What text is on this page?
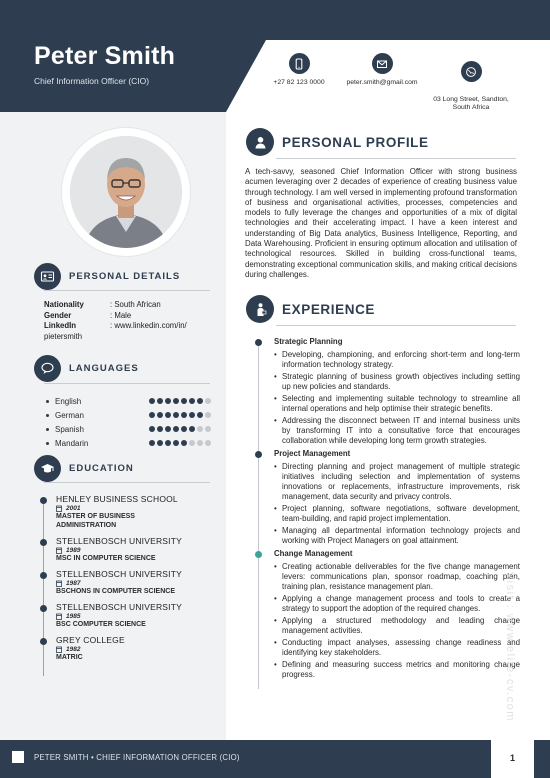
Peter Smith
Chief Information Officer (CIO)	+27 82 123 0000	peter.smith@gmail.com

03 Long Street, Sandton,
South Africa

PERSONAL DETAILS
Nationality	: South African
Gender	: Male
LinkedIn	: www.linkedin.com/in/
pietersmith
LANGUAGES
English
German
Spanish
Mandarin
EDUCATION
HENLEY BUSINESS SCHOOL
2001
MASTER OF BUSINESS
ADMINISTRATION
STELLENBOSCH UNIVERSITY
1989
MSC IN COMPUTER SCIENCE
STELLENBOSCH UNIVERSITY
1987
BSCHONS IN COMPUTER SCIENCE
STELLENBOSCH UNIVERSITY
1985
BSC COMPUTER SCIENCE
GREY COLLEGE
1982
MATRIC
PERSONAL PROFILE
A tech-savvy, seasoned Chief Information Officer with strong business acumen leveraging over 2 decades of experience of creating business value through technology. I am well versed in implementing profound transformation of business and organisational activities, processes, competencies and models to fully leverage the changes and opportunities of a mix of digital technologies and their accelerating impact. I have a keen interest and understanding of Big Data analytics, Business Intelligence, Reporting, and Data Warehousing. Proficient in ensuring optimum allocation and utilisation of technological resources. Skilled in building cross-functional teams, demonstrating exceptional communication skills, and making critical decisions during challenges.
EXPERIENCE
Strategic Planning
• Developing, championing, and enforcing short-term and long-term information technology strategy.
• Strategic planning of business growth objectives including setting up new policies and standards.
• Selecting and implementing suitable technology to streamline all internal operations and help optimise their strategic benefits.
• Addressing the disconnect between IT and internal business units by transforming IT into a consultative force that encourages collaboration while developing long term growth strategies.
Project Management
• Directing planning and project management of multiple strategic initiatives including selection and implementation of systems innovations or replacements, infrastructure improvements, risk management, data security and privacy controls.
• Project planning, software negotiations, software development, team-building, and rapid project implementation.
• Managing all departmental information technology projects and working with Project Managers on goal attainment.
Change Management
• Creating actionable deliverables for the five change management levers: communications plan, sponsor roadmap, coaching plan, training plan, resistance management plan.
• Applying a change management process and tools to create a strategy to support the adoption of the required changes.
• Applying a structured methodology and leading change management activities.
• Conducting impact analyses, assessing change readiness and identifying key stakeholders.
• Defining and measuring success metrics and monitoring change progress.	Visit : www.elite-cv.com
PETER SMITH • CHIEF INFORMATION OFFICER (CIO)	1
